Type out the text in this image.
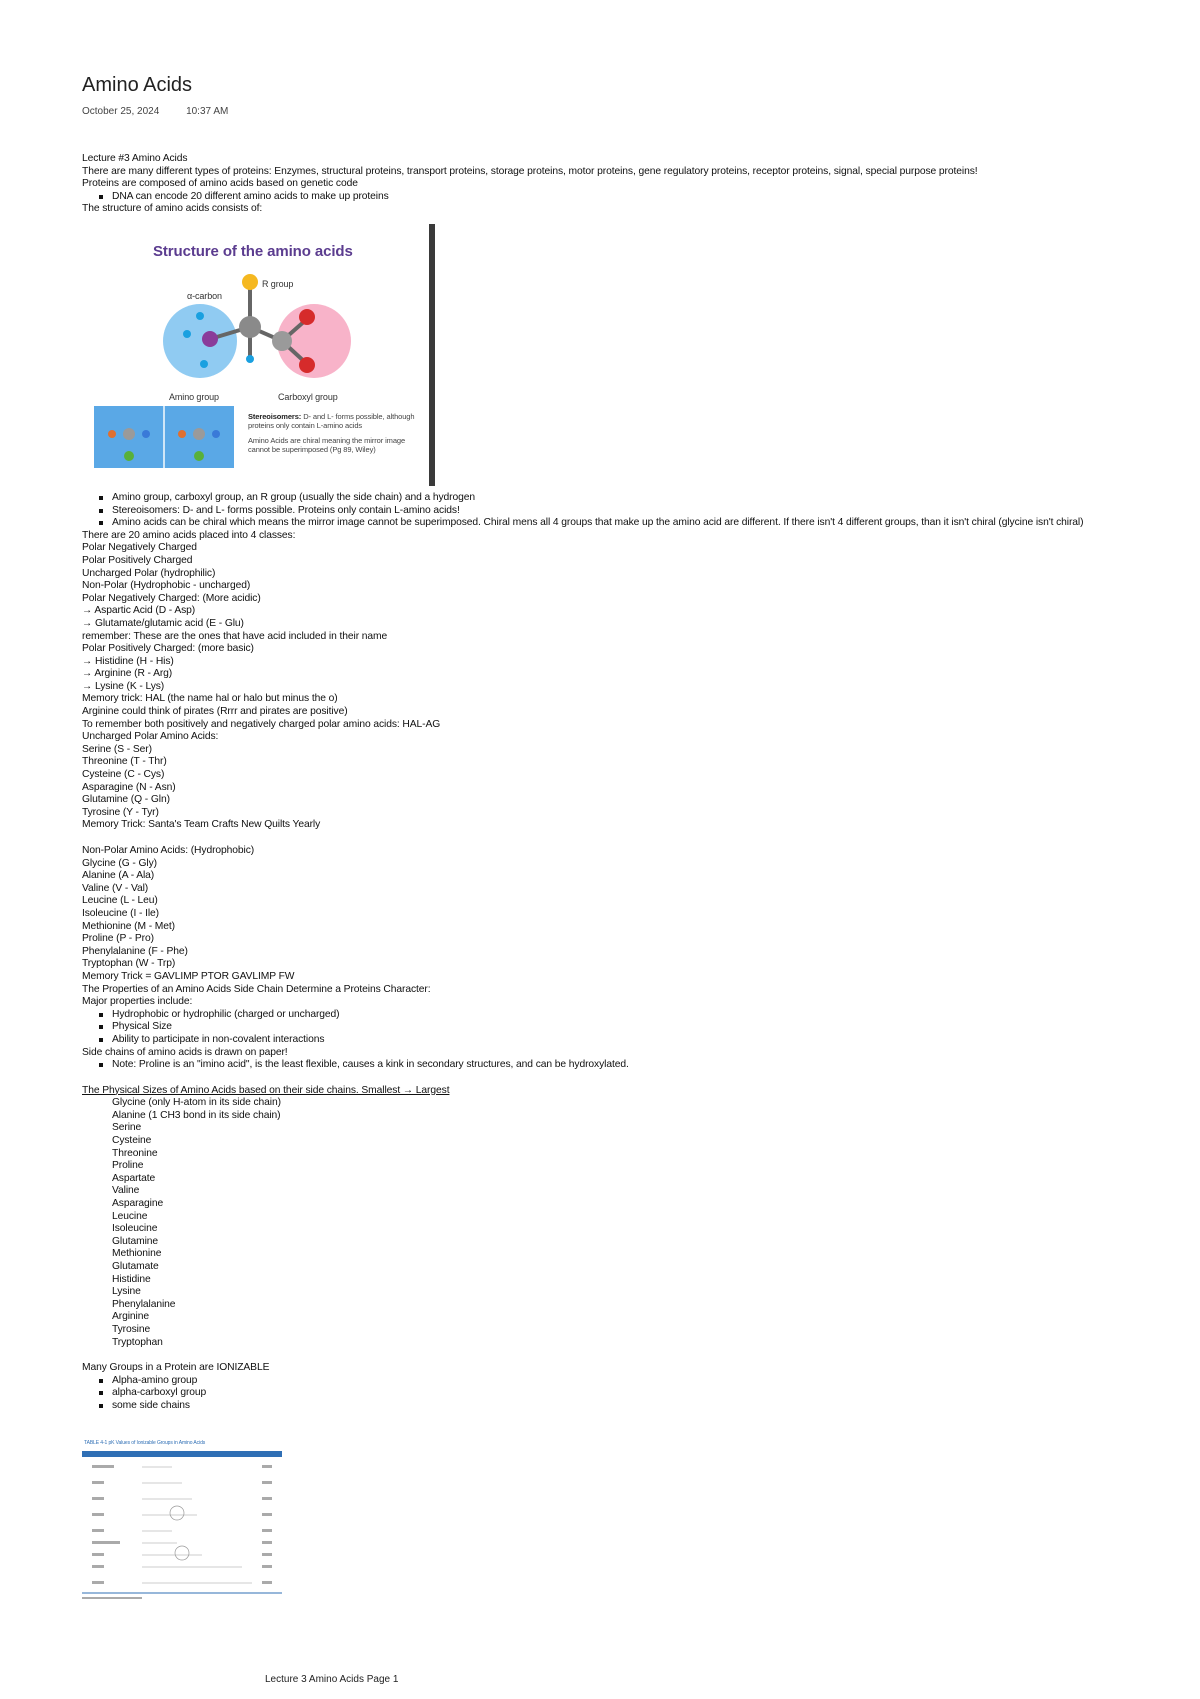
Amino Acids
October 25, 2024	10:37 AM
Lecture #3 Amino Acids
There are many different types of proteins: Enzymes, structural proteins, transport proteins, storage proteins, motor proteins, gene regulatory proteins, receptor proteins, signal, special purpose proteins!
Proteins are composed of amino acids based on genetic code
DNA can encode 20 different amino acids to make up proteins
The structure of amino acids consists of:
Structure of the amino acids
R group
α-carbon
Amino group	Carboxyl group
Stereoisomers: D- and L- forms possible, although proteins only contain L-amino acids
Amino Acids are chiral meaning the mirror image cannot be superimposed (Pg 89, Wiley)
Amino group, carboxyl group, an R group (usually the side chain) and a hydrogen
Stereoisomers: D- and L- forms possible. Proteins only contain L-amino acids!
Amino acids can be chiral which means the mirror image cannot be superimposed. Chiral mens all 4 groups that make up the amino acid are different. If there isn't 4 different groups, than it isn't chiral (glycine isn't chiral)
There are 20 amino acids placed into 4 classes:
Polar Negatively Charged
Polar Positively Charged
Uncharged Polar (hydrophilic)
Non-Polar (Hydrophobic - uncharged)
Polar Negatively Charged: (More acidic)
→ Aspartic Acid (D - Asp)
→ Glutamate/glutamic acid (E - Glu)
remember: These are the ones that have acid included in their name
Polar Positively Charged: (more basic)
→ Histidine (H - His)
→ Arginine (R - Arg)
→ Lysine (K - Lys)
Memory trick: HAL (the name hal or halo but minus the o)
Arginine could think of pirates (Rrrr and pirates are positive)
To remember both positively and negatively charged polar amino acids: HAL-AG
Uncharged Polar Amino Acids:
Serine (S - Ser)
Threonine (T - Thr)
Cysteine (C - Cys)
Asparagine (N - Asn)
Glutamine (Q - Gln)
Tyrosine (Y - Tyr)
Memory Trick: Santa's Team Crafts New Quilts Yearly
Non-Polar Amino Acids: (Hydrophobic)
Glycine (G - Gly)
Alanine (A - Ala)
Valine (V - Val)
Leucine (L - Leu)
Isoleucine (I - Ile)
Methionine (M - Met)
Proline (P - Pro)
Phenylalanine (F - Phe)
Tryptophan (W - Trp)
Memory Trick = GAVLIMP PTOR GAVLIMP FW
The Properties of an Amino Acids Side Chain Determine a Proteins Character:
Major properties include:
Hydrophobic or hydrophilic (charged or uncharged)
Physical Size
Ability to participate in non-covalent interactions
Side chains of amino acids is drawn on paper!
Note: Proline is an "imino acid", is the least flexible, causes a kink in secondary structures, and can be hydroxylated.
The Physical Sizes of Amino Acids based on their side chains. Smallest → Largest
Glycine (only H-atom in its side chain)
Alanine (1 CH3 bond in its side chain)
Serine
Cysteine
Threonine
Proline
Aspartate
Valine
Asparagine
Leucine
Isoleucine
Glutamine
Methionine
Glutamate
Histidine
Lysine
Phenylalanine
Arginine
Tyrosine
Tryptophan
Many Groups in a Protein are IONIZABLE
Alpha-amino group
alpha-carboxyl group
some side chains
TABLE 4-1 pK Values of Ionizable Groups in Amino Acids
Lecture 3 Amino Acids Page 1
